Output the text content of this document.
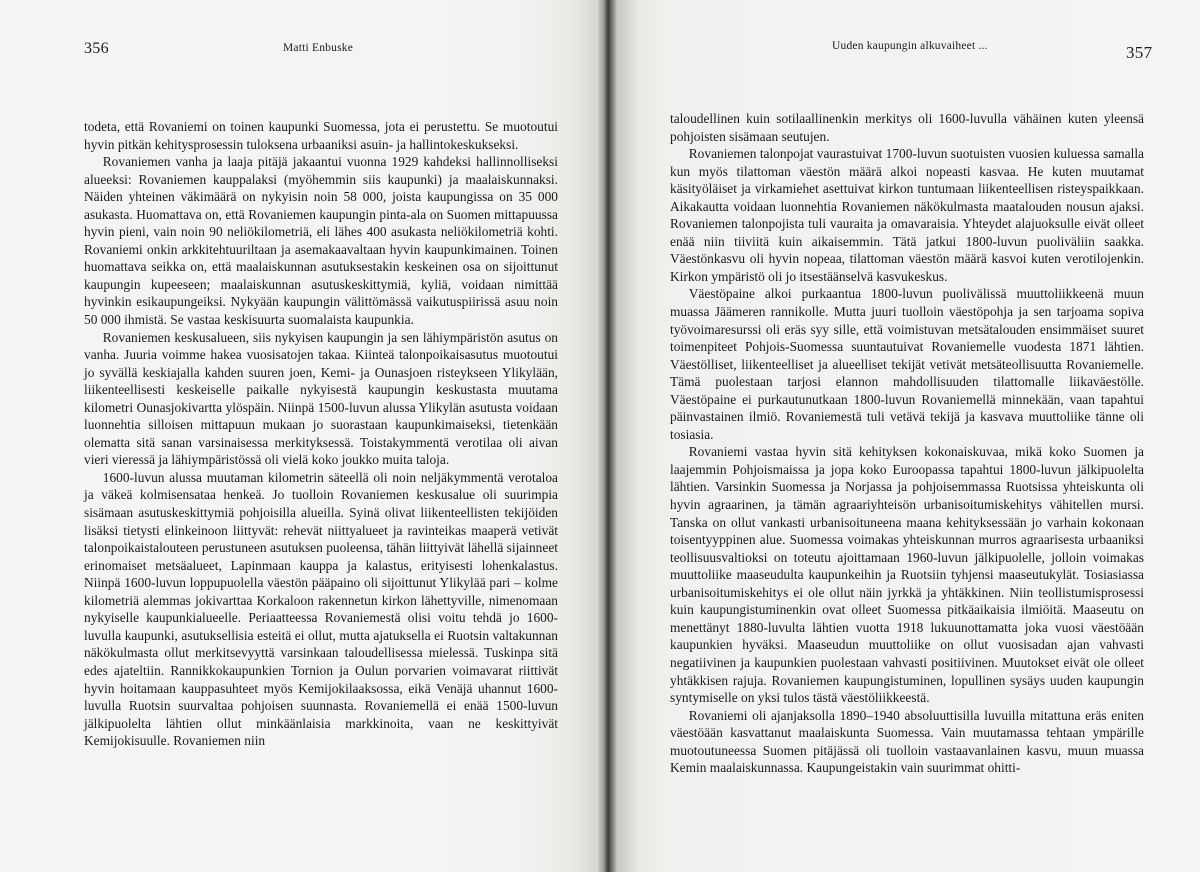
356	Matti Enbuske

todeta, että Rovaniemi on toinen kaupunki Suomessa, jota ei perustettu. Se muotoutui hyvin pitkän kehitysprosessin tuloksena urbaaniksi asuin- ja hallintokeskukseksi.

Rovaniemen vanha ja laaja pitäjä jakaantui vuonna 1929 kahdeksi hallinnolliseksi alueeksi: Rovaniemen kauppalaksi (myöhemmin siis kaupunki) ja maalaiskunnaksi. Näiden yhteinen väkimäärä on nykyisin noin 58 000, joista kaupungissa on 35 000 asukasta. Huomattava on, että Rovaniemen kaupungin pinta-ala on Suomen mittapuussa hyvin pieni, vain noin 90 neliökilometriä, eli lähes 400 asukasta neliökilometriä kohti. Rovaniemi onkin arkkitehtuuriltaan ja asemakaavaltaan hyvin kaupunkimainen. Toinen huomattava seikka on, että maalaiskunnan asutuksestakin keskeinen osa on sijoittunut kaupungin kupeeseen; maalaiskunnan asutuskeskittymiä, kyliä, voidaan nimittää hyvinkin esikaupungeiksi. Nykyään kaupungin välittömässä vaikutuspiirissä asuu noin 50 000 ihmistä. Se vastaa keskisuurta suomalaista kaupunkia.

Rovaniemen keskusalueen, siis nykyisen kaupungin ja sen lähiympäristön asutus on vanha. Juuria voimme hakea vuosisatojen takaa. Kiinteä talonpoikaisasutus muotoutui jo syvällä keskiajalla kahden suuren joen, Kemi- ja Ounasjoen risteykseen Ylikylään, liikenteellisesti keskeiselle paikalle nykyisestä kaupungin keskustasta muutama kilometri Ounasjokivartta ylöspäin. Niinpä 1500-luvun alussa Ylikylän asutusta voidaan luonnehtia silloisen mittapuun mukaan jo suorastaan kaupunkimaiseksi, tietenkään olematta sitä sanan varsinaisessa merkityksessä. Toistakymmentä verotilaa oli aivan vieri vieressä ja lähiympäristössä oli vielä koko joukko muita taloja.

1600-luvun alussa muutaman kilometrin säteellä oli noin neljäkymmentä verotaloa ja väkeä kolmisensataa henkeä. Jo tuolloin Rovaniemen keskusalue oli suurimpia sisämaan asutuskeskittymiä pohjoisilla alueilla. Syinä olivat liikenteellisten tekijöiden lisäksi tietysti elinkeinoon liittyvät: rehevät niittyalueet ja ravinteikas maaperä vetivät talonpoikaistalouteen perustuneen asutuksen puoleensa, tähän liittyivät lähellä sijainneet erinomaiset metsäalueet, Lapinmaan kauppa ja kalastus, erityisesti lohenkalastus. Niinpä 1600-luvun loppupuolella väestön pääpaino oli sijoittunut Ylikylää pari – kolme kilometriä alemmas jokivarttaa Korkaloon rakennetun kirkon lähettyville, nimenomaan nykyiselle kaupunkialueelle. Periaatteessa Rovaniemestä olisi voitu tehdä jo 1600-luvulla kaupunki, asutuksellisia esteitä ei ollut, mutta ajatuksella ei Ruotsin valtakunnan näkökulmasta ollut merkitsevyyttä varsinkaan taloudellisessa mielessä. Tuskinpa sitä edes ajateltiin. Rannikkokaupunkien Tornion ja Oulun porvarien voimavarat riittivät hyvin hoitamaan kauppasuhteet myös Kemijokilaaksossa, eikä Venäjä uhannut 1600-luvulla Ruotsin suurvaltaa pohjoisen suunnasta. Rovaniemellä ei enää 1500-luvun jälkipuolelta lähtien ollut minkäänlaisia markkinoita, vaan ne keskittyivät Kemijokisuulle. Rovaniemen niin

Uuden kaupungin alkuvaiheet ...	357

taloudellinen kuin sotilaallinenkin merkitys oli 1600-luvulla vähäinen kuten yleensä pohjoisten sisämaan seutujen.

Rovaniemen talonpojat vaurastuivat 1700-luvun suotuisten vuosien kuluessa samalla kun myös tilattoman väestön määrä alkoi nopeasti kasvaa. He kuten muutamat käsityöläiset ja virkamiehet asettuivat kirkon tuntumaan liikenteellisen risteyspaikkaan. Aikakautta voidaan luonnehtia Rovaniemen näkökulmasta maatalouden nousun ajaksi. Rovaniemen talonpojista tuli vauraita ja omavaraisia. Yhteydet alajuoksulle eivät olleet enää niin tiiviitä kuin aikaisemmin. Tätä jatkui 1800-luvun puoliväliin saakka. Väestönkasvu oli hyvin nopeaa, tilattoman väestön määrä kasvoi kuten verotilojenkin. Kirkon ympäristö oli jo itsestäänselvä kasvukeskus.

Väestöpaine alkoi purkaantua 1800-luvun puolivälissä muuttoliikkeenä muun muassa Jäämeren rannikolle. Mutta juuri tuolloin väestöpohja ja sen tarjoama sopiva työvoimaresurssi oli eräs syy sille, että voimistuvan metsätalouden ensimmäiset suuret toimenpiteet Pohjois-Suomessa suuntautuivat Rovaniemelle vuodesta 1871 lähtien. Väestölliset, liikenteelliset ja alueelliset tekijät vetivät metsäteollisuutta Rovaniemelle. Tämä puolestaan tarjosi elannon mahdollisuuden tilattomalle liikaväestölle. Väestöpaine ei purkautunutkaan 1800-luvun Rovaniemellä minnekään, vaan tapahtui päinvastainen ilmiö. Rovaniemestä tuli vetävä tekijä ja kasvava muuttoliike tänne oli tosiasia.

Rovaniemi vastaa hyvin sitä kehityksen kokonaiskuvaa, mikä koko Suomen ja laajemmin Pohjoismaissa ja jopa koko Euroopassa tapahtui 1800-luvun jälkipuolelta lähtien. Varsinkin Suomessa ja Norjassa ja pohjoisemmassa Ruotsissa yhteiskunta oli hyvin agraarinen, ja tämän agraariyhteisön urbanisoitumiskehitys vähitellen mursi. Tanska on ollut vankasti urbanisoituneena maana kehityksessään jo varhain kokonaan toisentyyppinen alue. Suomessa voimakas yhteiskunnan murros agraarisesta urbaaniksi teollisuusvaltioksi on toteutu ajoittamaan 1960-luvun jälkipuolelle, jolloin voimakas muuttoliike maaseudulta kaupunkeihin ja Ruotsiin tyhjensi maaseutukylät. Tosiasiassa urbanisoitumiskehitys ei ole ollut näin jyrkkä ja yhtäkkinen. Niin teollistumisprosessi kuin kaupungistuminenkin ovat olleet Suomessa pitkäaikaisia ilmiöitä. Maaseutu on menettänyt 1880-luvulta lähtien vuotta 1918 lukuunottamatta joka vuosi väestöään kaupunkien hyväksi. Maaseudun muuttoliike on ollut vuosisadan ajan vahvasti negatiivinen ja kaupunkien puolestaan vahvasti positiivinen. Muutokset eivät ole olleet yhtäkkisen rajuja. Rovaniemen kaupungistuminen, lopullinen sysäys uuden kaupungin syntymiselle on yksi tulos tästä väestöliikkeestä.

Rovaniemi oli ajanjaksolla 1890–1940 absoluuttisilla luvuilla mitattuna eräs eniten väestöään kasvattanut maalaiskunta Suomessa. Vain muutamassa tehtaan ympärille muotoutuneessa Suomen pitäjässä oli tuolloin vastaavanlainen kasvu, muun muassa Kemin maalaiskunnassa. Kaupungeistakin vain suurimmat ohitti-
